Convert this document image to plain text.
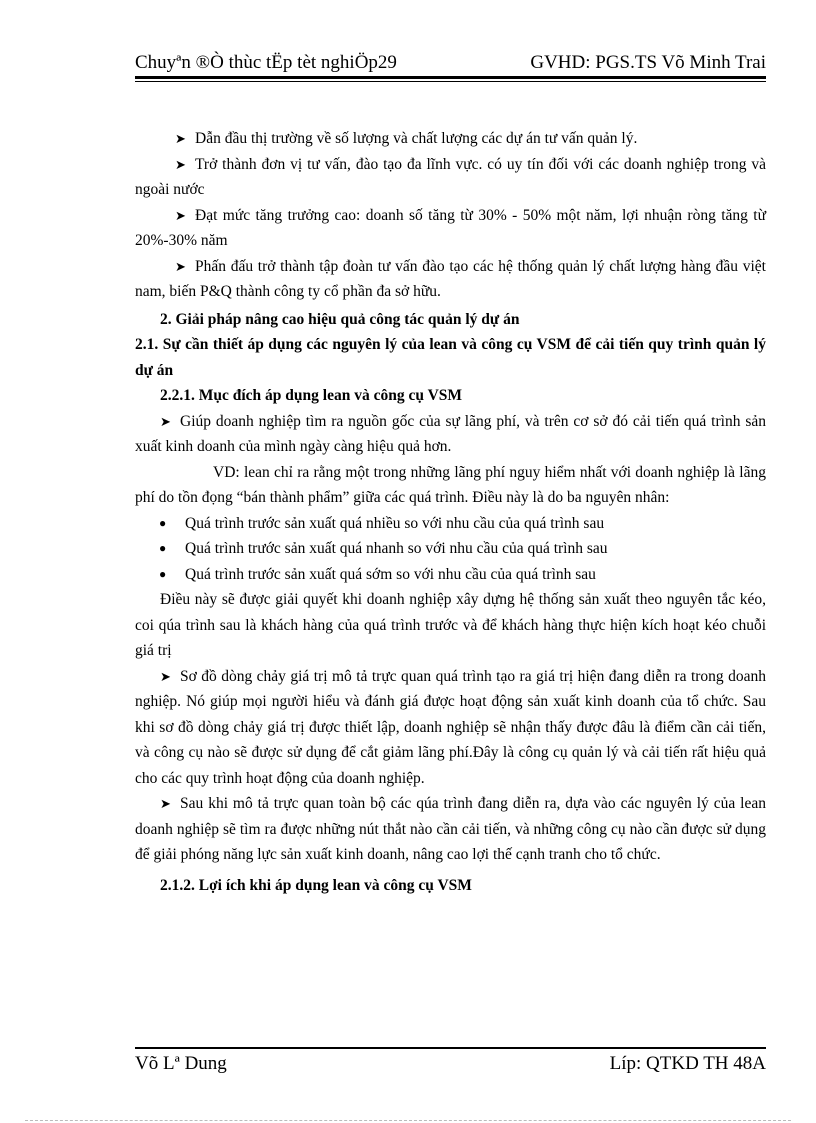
Chuyªn ®Ò thùc tËp tèt nghiÖp29	GVHD: PGS.TS Võ Minh Trai

➤ Dẫn đầu thị trường về số lượng và chất lượng các dự án tư vấn quản lý.

➤ Trở thành đơn vị tư vấn, đào tạo đa lĩnh vực. có uy tín đối với các doanh nghiệp trong và ngoài nước

➤ Đạt mức tăng trưởng cao: doanh số tăng từ 30% - 50% một năm, lợi nhuận ròng tăng từ 20%-30% năm

➤ Phấn đấu trở thành tập đoàn tư vấn đào tạo các hệ thống quản lý chất lượng hàng đầu việt nam, biến P&Q thành công ty cổ phần đa sở hữu.

2. Giải pháp nâng cao hiệu quả công tác quản lý dự án

2.1. Sự cần thiết áp dụng các nguyên lý của lean và công cụ VSM để cải tiến quy trình quản lý dự án

2.2.1. Mục đích áp dụng lean và công cụ VSM

➤ Giúp doanh nghiệp tìm ra nguồn gốc của sự lãng phí, và trên cơ sở đó cải tiến quá trình sản xuất kinh doanh của mình ngày càng hiệu quả hơn.

VD: lean chỉ ra rằng một trong những lãng phí nguy hiểm nhất với doanh nghiệp là lãng phí do tồn đọng “bán thành phẩm” giữa các quá trình. Điều này là do ba nguyên nhân:

● Quá trình trước sản xuất quá nhiều so với nhu cầu của quá trình sau
● Quá trình trước sản xuất quá nhanh so với nhu cầu của quá trình sau
● Quá trình trước sản xuất quá sớm so với nhu cầu của quá trình sau

Điều này sẽ được giải quyết khi doanh nghiệp xây dựng hệ thống sản xuất theo nguyên tắc kéo, coi qúa trình sau là khách hàng của quá trình trước và để khách hàng thực hiện kích hoạt kéo chuỗi giá trị

➤ Sơ đồ dòng chảy giá trị mô tả trực quan quá trình tạo ra giá trị hiện đang diễn ra trong doanh nghiệp. Nó giúp mọi người hiểu và đánh giá được hoạt động sản xuất kinh doanh của tổ chức. Sau khi sơ đồ dòng chảy giá trị được thiết lập, doanh nghiệp sẽ nhận thấy được đâu là điểm cần cải tiến, và công cụ nào sẽ được sử dụng để cắt giảm lãng phí.Đây là công cụ quản lý và cải tiến rất hiệu quả cho các quy trình hoạt động của doanh nghiệp.

➤ Sau khi mô tả trực quan toàn bộ các qúa trình đang diễn ra, dựa vào các nguyên lý của lean doanh nghiệp sẽ tìm ra được những nút thắt nào cần cải tiến, và những công cụ nào cần được sử dụng để giải phóng năng lực sản xuất kinh doanh, nâng cao lợi thế cạnh tranh cho tổ chức.

2.1.2. Lợi ích khi áp dụng lean và công cụ VSM

Võ Lª Dung	Líp: QTKD TH 48A
